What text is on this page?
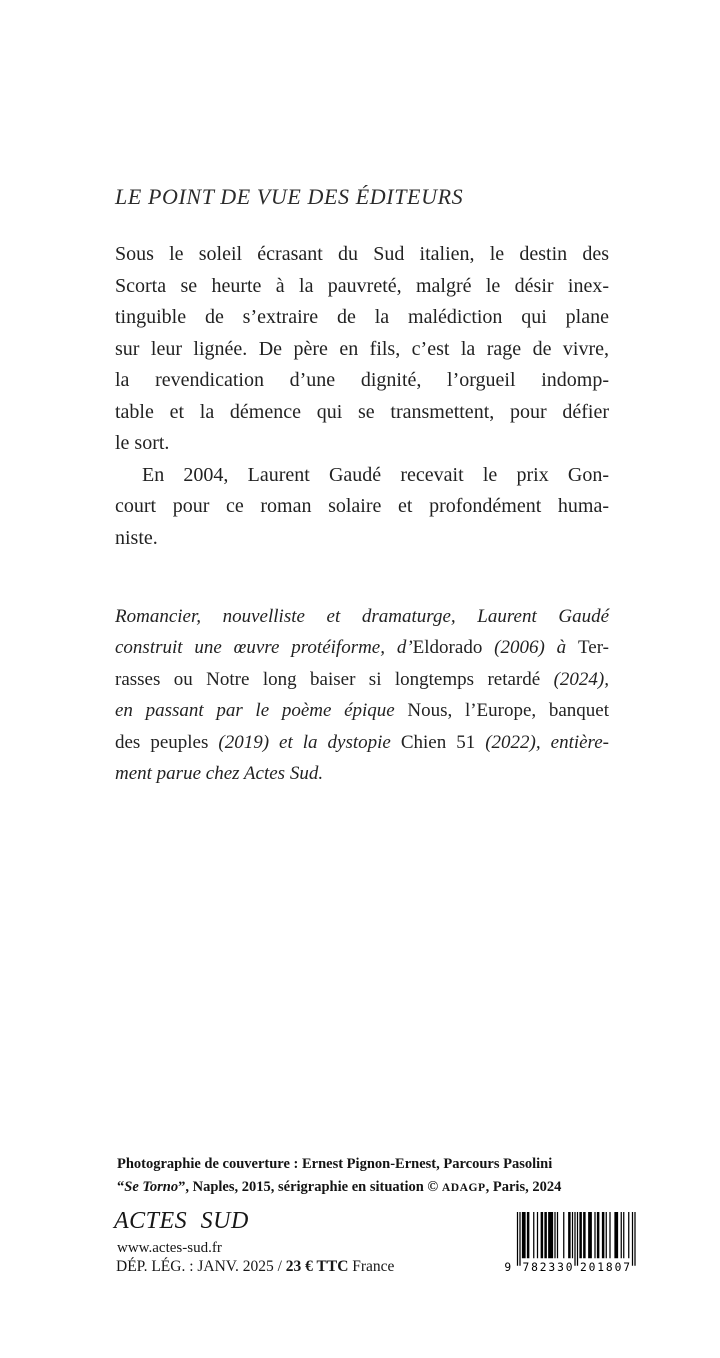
LE POINT DE VUE DES ÉDITEURS
Sous le soleil écrasant du Sud italien, le destin des
Scorta se heurte à la pauvreté, malgré le désir inex-
tinguible de s’extraire de la malédiction qui plane
sur leur lignée. De père en fils, c’est la rage de vivre,
la revendication d’une dignité, l’orgueil indomp-
table et la démence qui se transmettent, pour défier
le sort.
En 2004, Laurent Gaudé recevait le prix Gon-
court pour ce roman solaire et profondément huma-
niste.
Romancier, nouvelliste et dramaturge, Laurent Gaudé
construit une œuvre protéiforme, d’Eldorado (2006) à Ter-
rasses ou Notre long baiser si longtemps retardé (2024),
en passant par le poème épique Nous, l’Europe, banquet
des peuples (2019) et la dystopie Chien 51 (2022), entière-
ment parue chez Actes Sud.
Photographie de couverture : Ernest Pignon-Ernest, Parcours Pasolini
“Se Torno”, Naples, 2015, sérigraphie en situation © ADAGP, Paris, 2024
ACTES SUD
www.actes-sud.fr
DÉP. LÉG. : JANV. 2025 / 23 € TTC France	9 782330 201807
